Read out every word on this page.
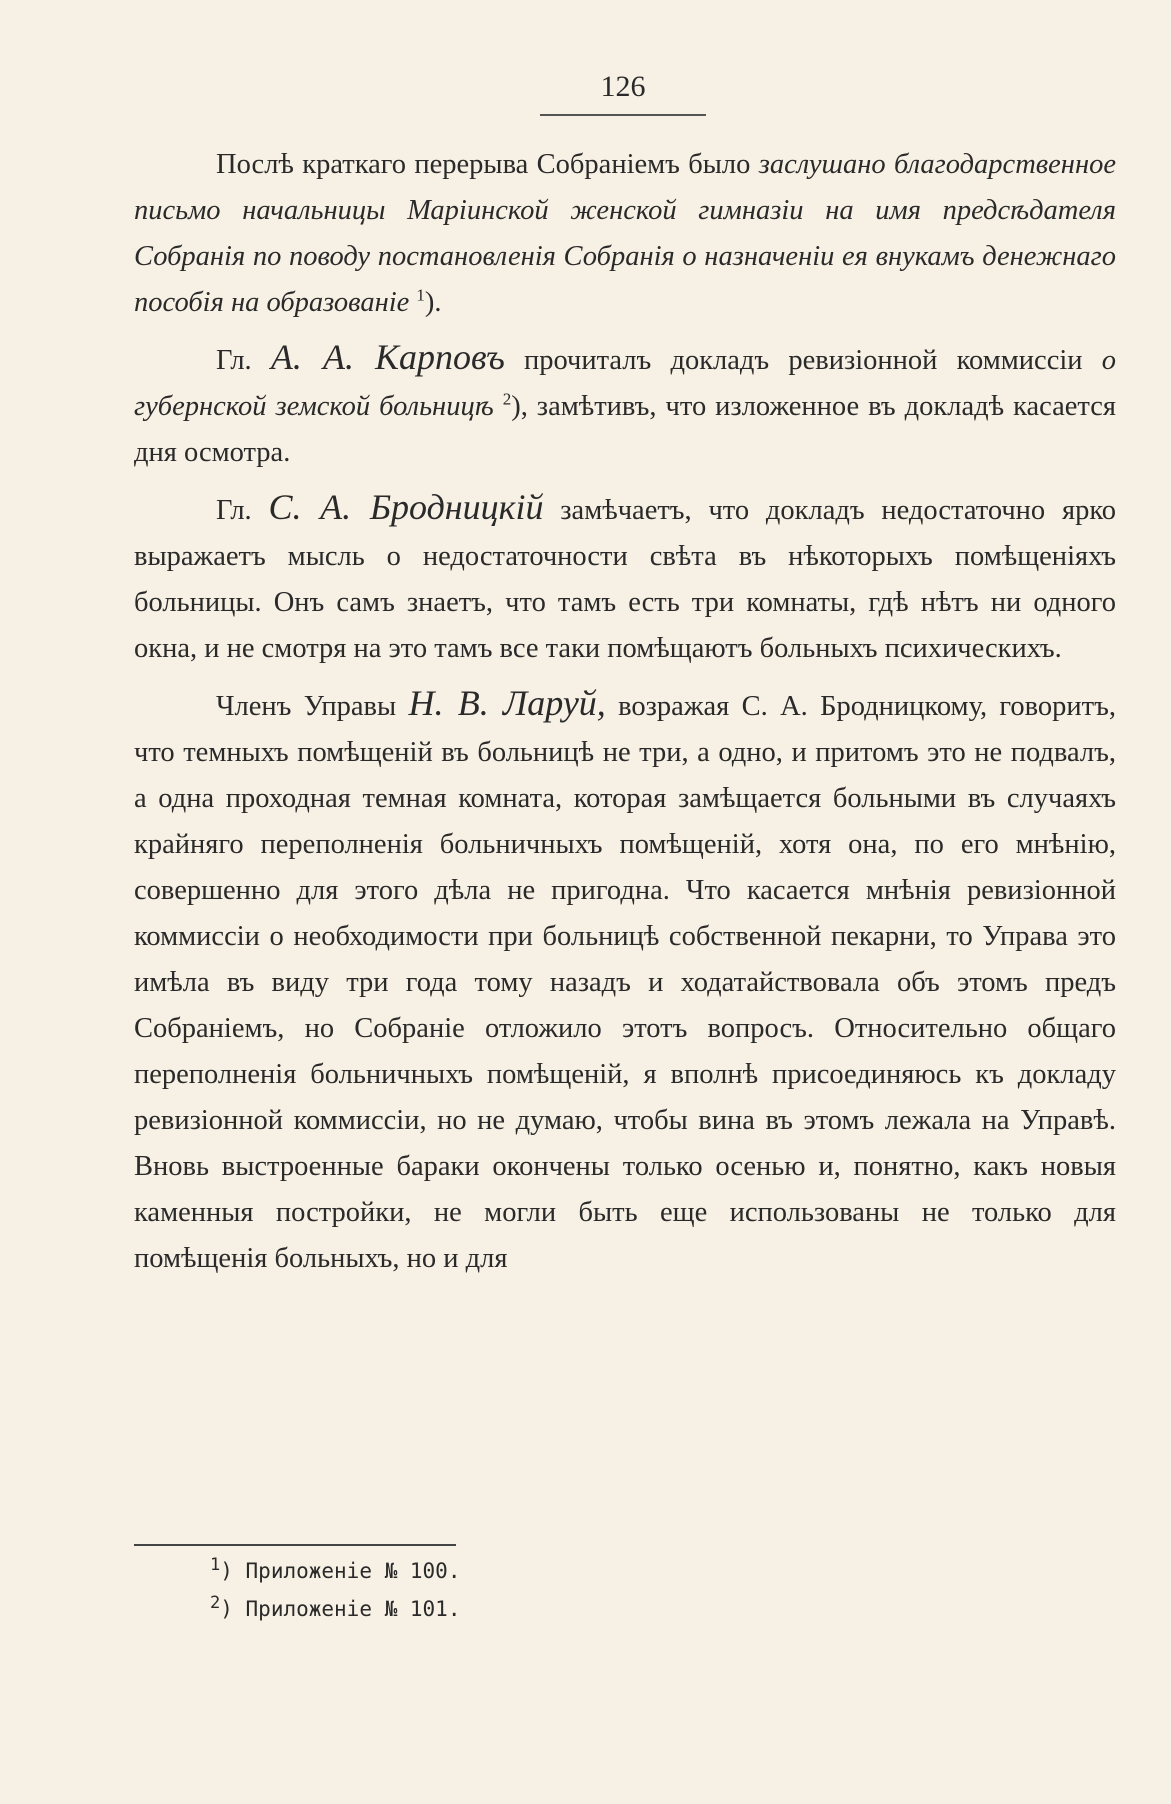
126

Послѣ краткаго перерыва Собраніемъ было заслушано благодарственное письмо начальницы Маріинской женской гимназіи на имя предсѣдателя Собранія по поводу постановленія Собранія о назначеніи ея внукамъ денежнаго пособія на образованіе $^1$).

Гл. А. А. Карповъ прочиталъ докладъ ревизіонной коммиссіи о губернской земской больницѣ $^2$), замѣтивъ, что изложенное въ докладѣ касается дня осмотра.

Гл. С. А. Бродницкій замѣчаетъ, что докладъ недостаточно ярко выражаетъ мысль о недостаточности свѣта въ нѣкоторыхъ помѣщеніяхъ больницы. Онъ самъ знаетъ, что тамъ есть три комнаты, гдѣ нѣтъ ни одного окна, и не смотря на это тамъ все таки помѣщаютъ больныхъ психическихъ.

Членъ Управы Н. В. Ларуй, возражая С. А. Бродницкому, говоритъ, что темныхъ помѣщеній въ больницѣ не три, а одно, и притомъ это не подвалъ, а одна проходная темная комната, которая замѣщается больными въ случаяхъ крайняго переполненія больничныхъ помѣщеній, хотя она, по его мнѣнію, совершенно для этого дѣла не пригодна. Что касается мнѣнія ревизіонной коммиссіи о необходимости при больницѣ собственной пекарни, то Управа это имѣла въ виду три года тому назадъ и ходатайствовала объ этомъ предъ Собраніемъ, но Собраніе отложило этотъ вопросъ. Относительно общаго переполненія больничныхъ помѣщеній, я вполнѣ присоединяюсь къ докладу ревизіонной коммиссіи, но не думаю, чтобы вина въ этомъ лежала на Управѣ. Вновь выстроенные бараки окончены только осенью и, понятно, какъ новыя каменныя постройки, не могли быть еще использованы не только для помѣщенія больныхъ, но и для

$^1$) Приложеніе № 100.
$^2$) Приложеніе № 101.
